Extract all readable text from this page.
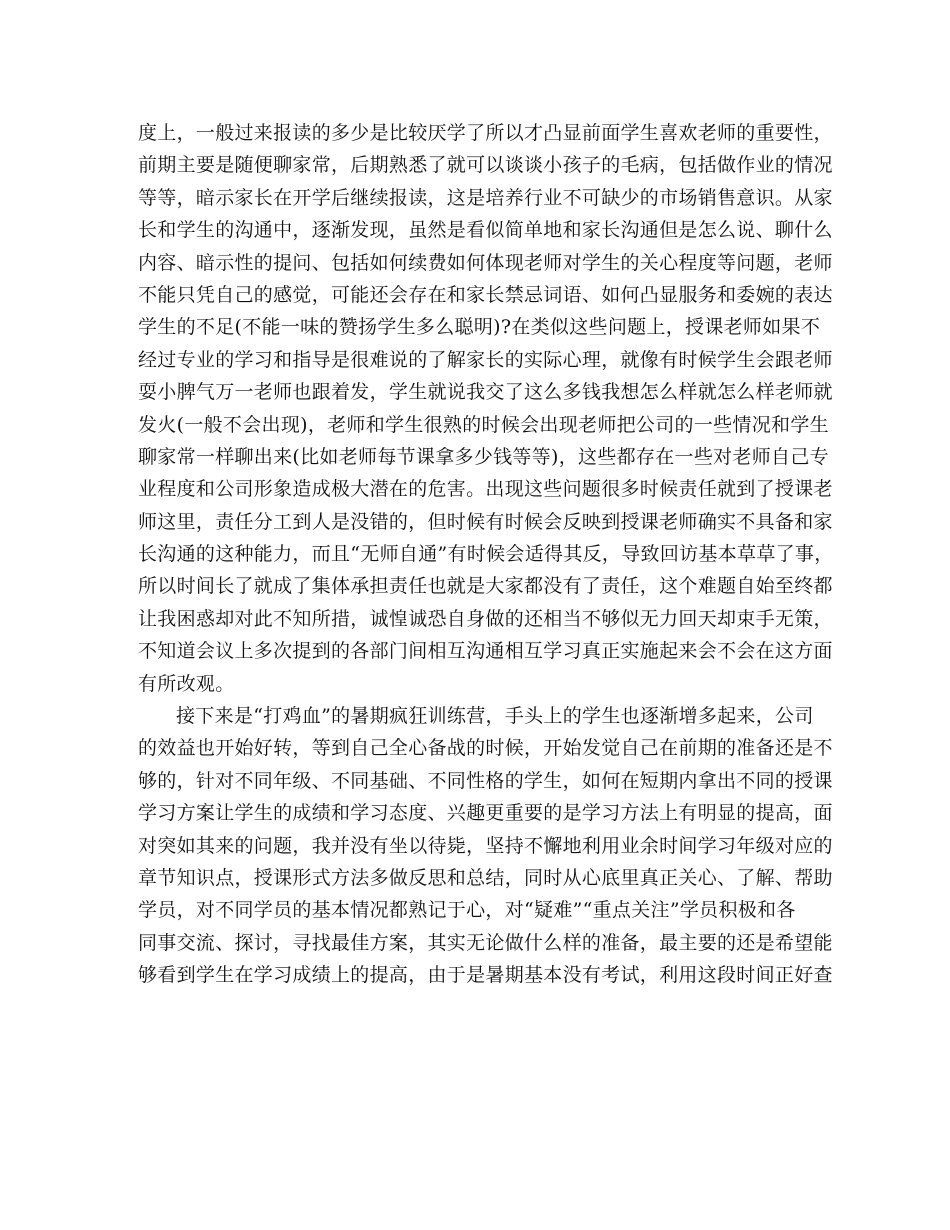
度上，一般过来报读的多少是比较厌学了所以才凸显前面学生喜欢老师的重要性，
前期主要是随便聊家常，后期熟悉了就可以谈谈小孩子的毛病，包括做作业的情况
等等，暗示家长在开学后继续报读，这是培养行业不可缺少的市场销售意识。从家
长和学生的沟通中，逐渐发现，虽然是看似简单地和家长沟通但是怎么说、聊什么
内容、暗示性的提问、包括如何续费如何体现老师对学生的关心程度等问题，老师
不能只凭自己的感觉，可能还会存在和家长禁忌词语、如何凸显服务和委婉的表达
学生的不足(不能一味的赞扬学生多么聪明)?在类似这些问题上，授课老师如果不
经过专业的学习和指导是很难说的了解家长的实际心理，就像有时候学生会跟老师
耍小脾气万一老师也跟着发，学生就说我交了这么多钱我想怎么样就怎么样老师就
发火(一般不会出现)，老师和学生很熟的时候会出现老师把公司的一些情况和学生
聊家常一样聊出来(比如老师每节课拿多少钱等等)，这些都存在一些对老师自己专
业程度和公司形象造成极大潜在的危害。出现这些问题很多时候责任就到了授课老
师这里，责任分工到人是没错的，但时候有时候会反映到授课老师确实不具备和家
长沟通的这种能力，而且“无师自通”有时候会适得其反，导致回访基本草草了事，
所以时间长了就成了集体承担责任也就是大家都没有了责任，这个难题自始至终都
让我困惑却对此不知所措，诚惶诚恐自身做的还相当不够似无力回天却束手无策，
不知道会议上多次提到的各部门间相互沟通相互学习真正实施起来会不会在这方面
有所改观。
接下来是“打鸡血”的暑期疯狂训练营，手头上的学生也逐渐增多起来，公司
的效益也开始好转，等到自己全心备战的时候，开始发觉自己在前期的准备还是不
够的，针对不同年级、不同基础、不同性格的学生，如何在短期内拿出不同的授课
学习方案让学生的成绩和学习态度、兴趣更重要的是学习方法上有明显的提高，面
对突如其来的问题，我并没有坐以待毙，坚持不懈地利用业余时间学习年级对应的
章节知识点，授课形式方法多做反思和总结，同时从心底里真正关心、了解、帮助
学员，对不同学员的基本情况都熟记于心，对“疑难”“重点关注”学员积极和各
同事交流、探讨，寻找最佳方案，其实无论做什么样的准备，最主要的还是希望能
够看到学生在学习成绩上的提高，由于是暑期基本没有考试，利用这段时间正好查
